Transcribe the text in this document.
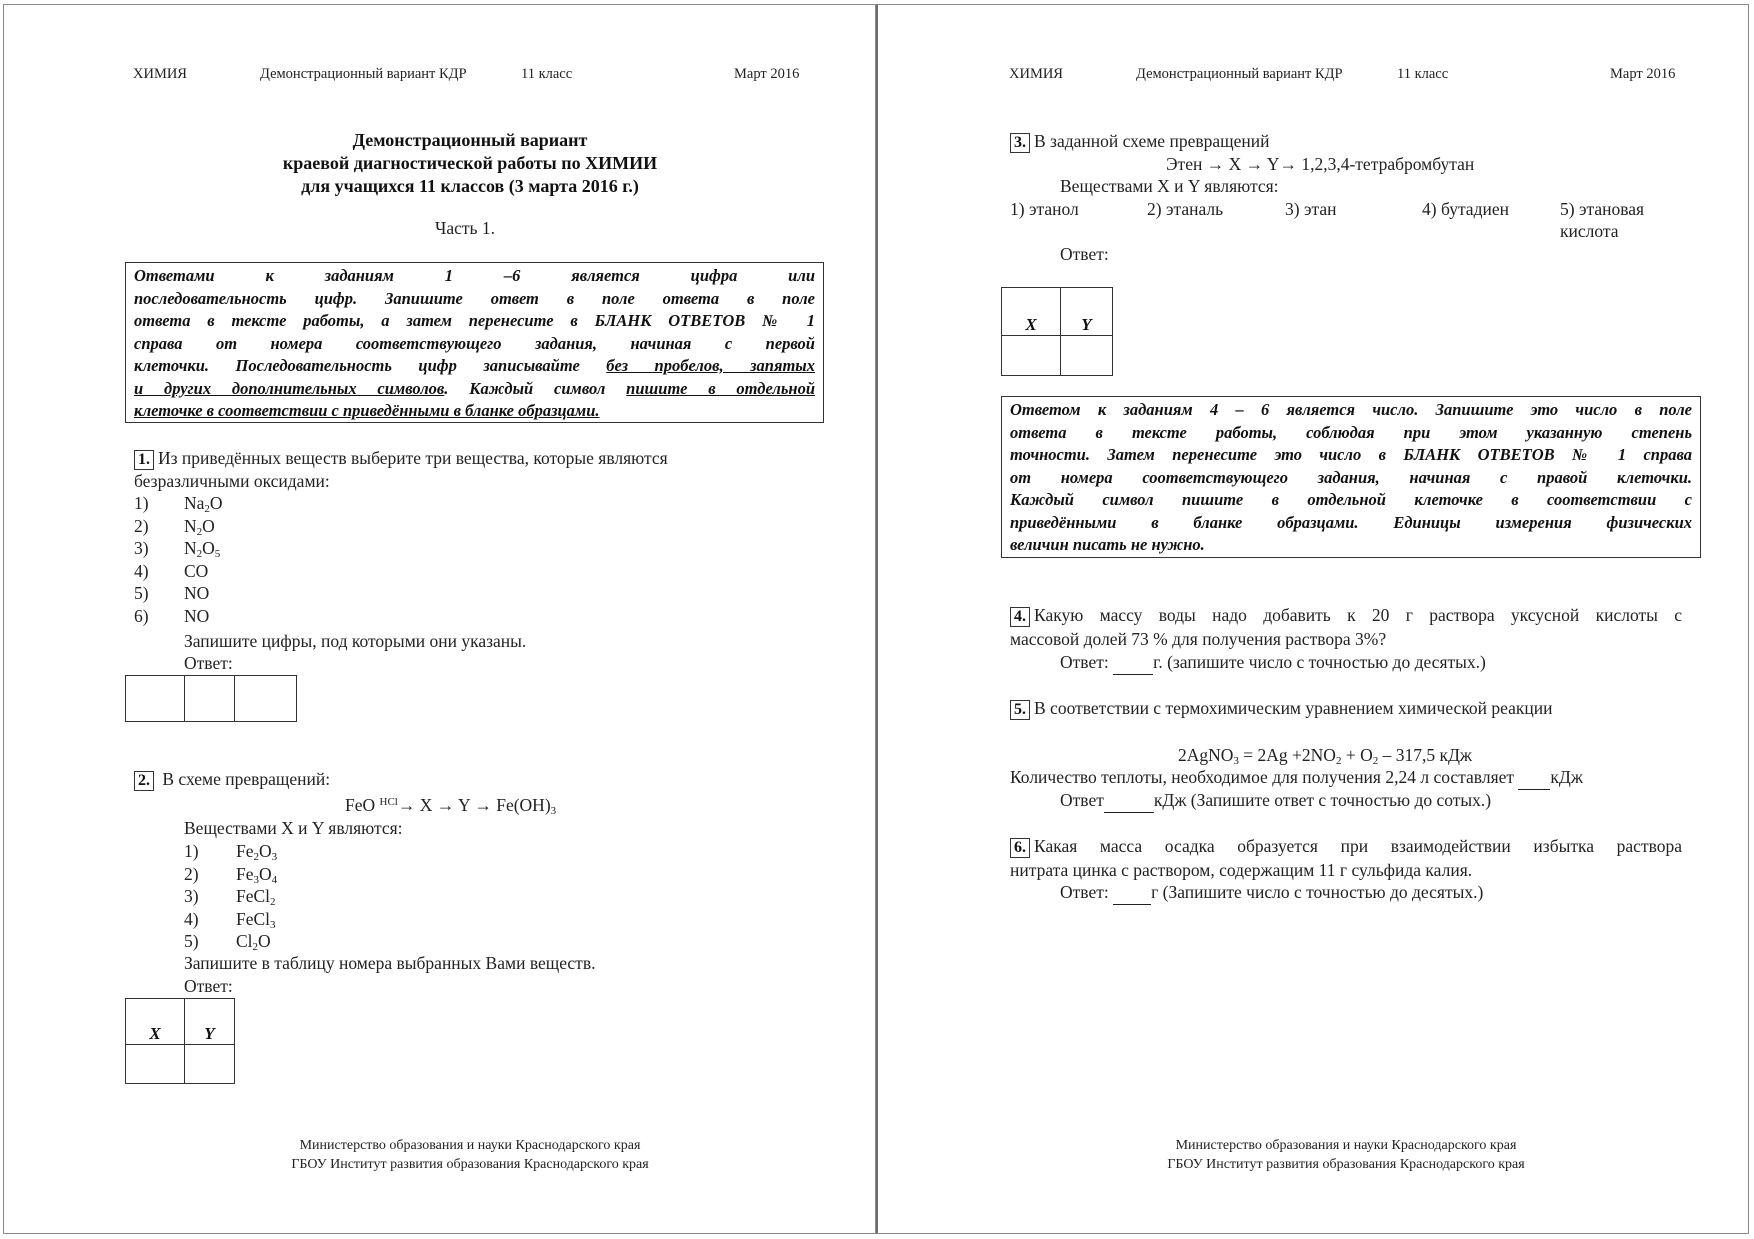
ХИМИЯ	Демонстрационный вариант КДР	11 класс	Март 2016
Демонстрационный вариант
краевой диагностической работы по ХИМИИ
для учащихся 11 классов (3 марта 2016 г.)
Часть 1.
Ответами к заданиям 1 –6 является цифра или
последовательность цифр. Запишите ответ в поле ответа в поле
ответа в тексте работы, а затем перенесите в БЛАНК ОТВЕТОВ № 1
справа от номера соответствующего задания, начиная с первой
клеточки. Последовательность цифр записывайте без пробелов, запятых
и других дополнительных символов. Каждый символ пишите в отдельной
клеточке в соответствии с приведёнными в бланке образцами.
1. Из приведённых веществ выберите три вещества, которые являются
безразличными оксидами:
1) $Na_2O$
2) $N_2O$
3) $N_2O_5$
4) CO
5) NO
6) NO
Запишите цифры, под которыми они указаны.
Ответ:

2. В схеме превращений:
FeO $^{HCl}\to X \to Y \to Fe(OH)_3$
Веществами X и Y являются:
1) $Fe_2O_3$
2) $Fe_3O_4$
3) FeCl$_2$
4) FeCl$_3$
5) $Cl_2O$
Запишите в таблицу номера выбранных Вами веществ.
Ответ:
X	Y

Министерство образования и науки Краснодарского края
ГБОУ Институт развития образования Краснодарского края
ХИМИЯ	Демонстрационный вариант КДР	11 класс	Март 2016
3. В заданной схеме превращений
Этен → X → Y→ 1,2,3,4-тетрабромбутан
Веществами X и Y являются:
1) этанол	2) этаналь	3) этан	4) бутадиен	5) этановая
кислота
Ответ:
X	Y

Ответом к заданиям 4 – 6 является число. Запишите это число в поле
ответа в тексте работы, соблюдая при этом указанную степень
точности. Затем перенесите это число в БЛАНК ОТВЕТОВ № 1 справа
от номера соответствующего задания, начиная с правой клеточки.
Каждый символ пишите в отдельной клеточке в соответствии с
приведёнными в бланке образцами. Единицы измерения физических
величин писать не нужно.
4. Какую массу воды надо добавить к 20 г раствора уксусной кислоты с
массовой долей 73 % для получения раствора 3%?
Ответ:  г. (запишите число с точностью до десятых.)
5. В соответствии с термохимическим уравнением химической реакции
2AgNO$_3$ = $2Ag +2NO_2 + O_2 - 317,5$ кДж
Количество теплоты, необходимое для получения 2,24 л составляет  кДж
Ответ	кДж (Запишите ответ с точностью до сотых.)
6. Какая масса осадка образуется при взаимодействии избытка раствора
нитрата цинка с раствором, содержащим 11 г сульфида калия.
Ответ:  г (Запишите число с точностью до десятых.)
Министерство образования и науки Краснодарского края
ГБОУ Институт развития образования Краснодарского края
